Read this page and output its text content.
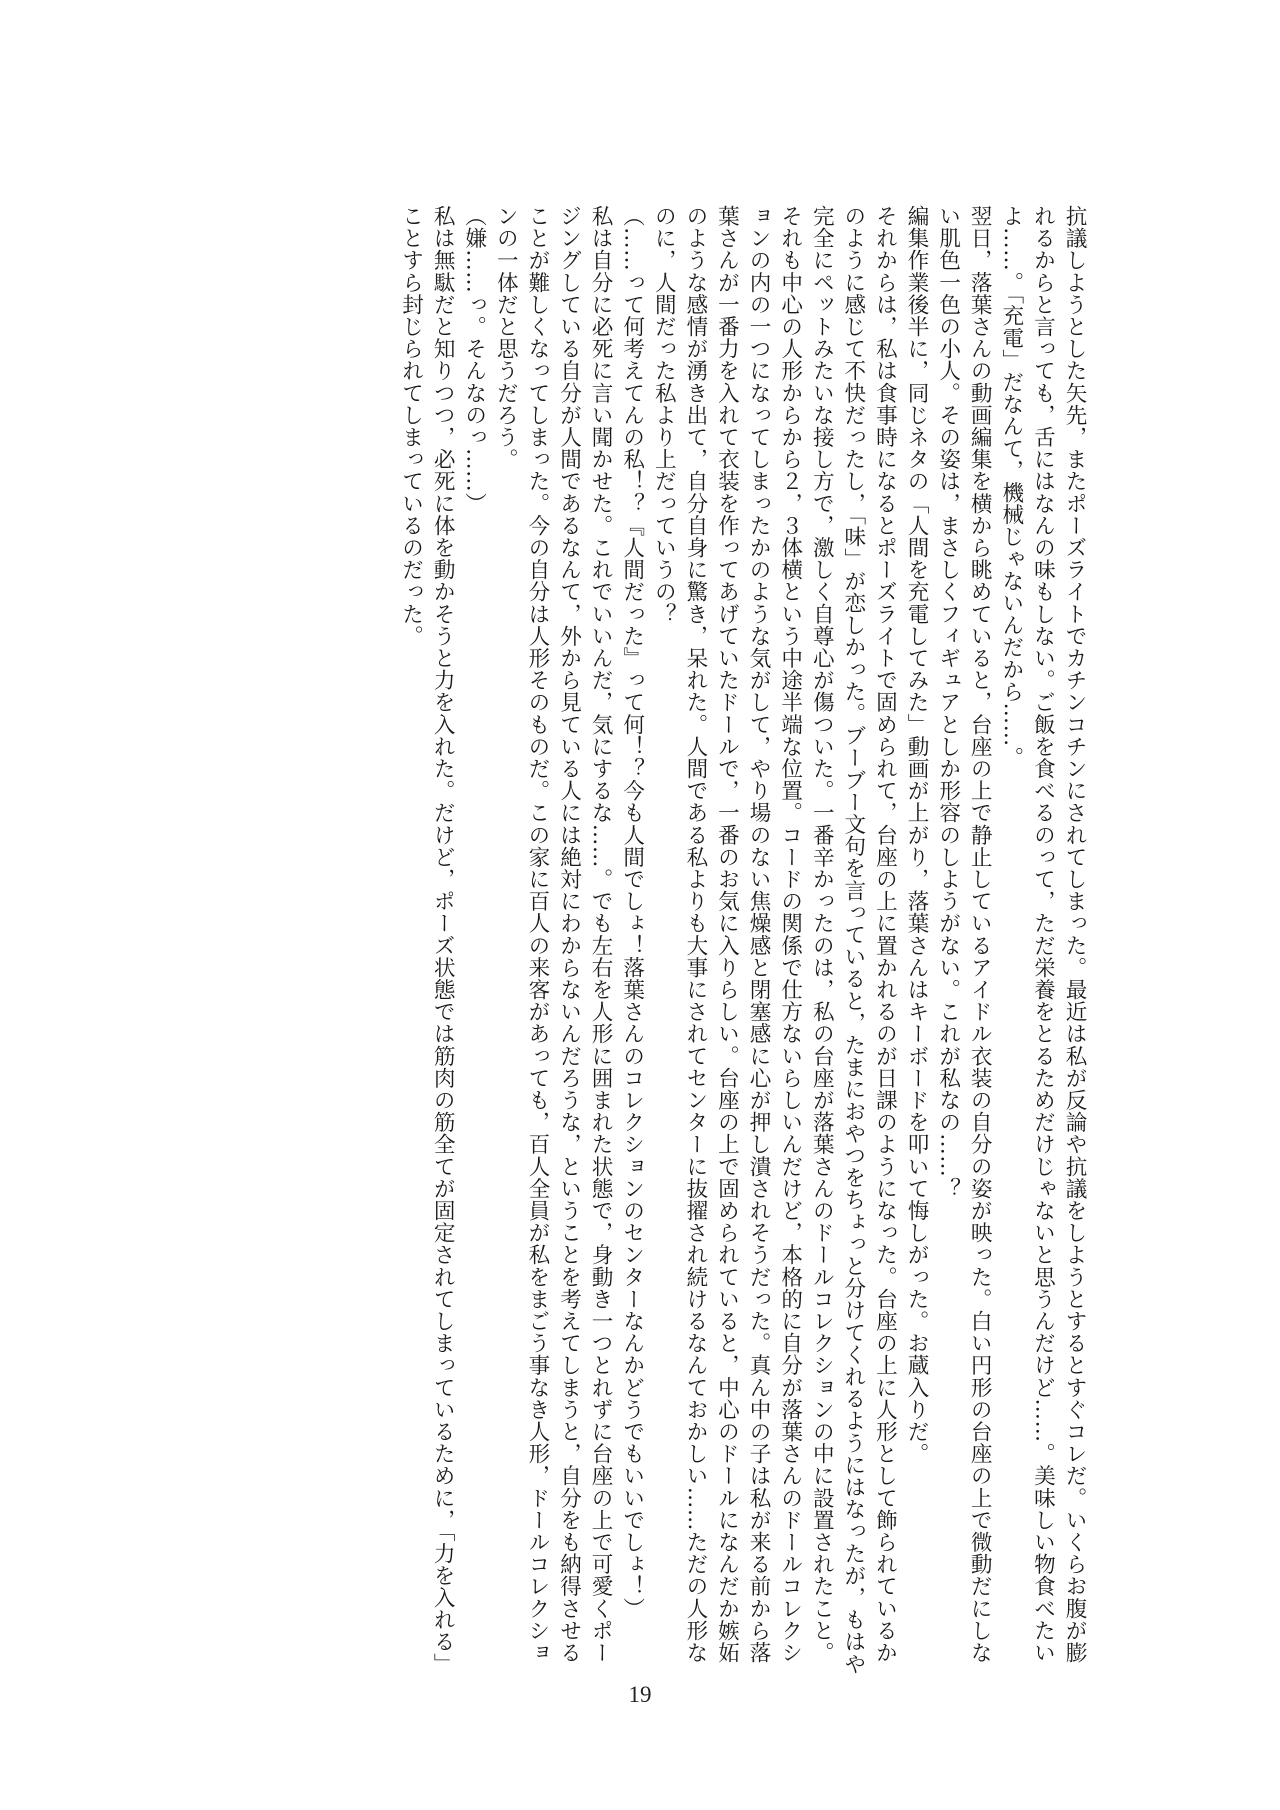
抗議しようとした矢先，またポーズライトでカチンコチンにされてしまった。最近は私が反論や抗議をしようとするとすぐコレだ。いくらお腹が膨れるからと言っても，舌にはなんの味もしない。ご飯を食べるのって，ただ栄養をとるためだけじゃないと思うんだけど……。美味しい物食べたいよ……。「充電」だなんて，機械じゃないんだから……。

翌日，落葉さんの動画編集を横から眺めていると，台座の上で静止しているアイドル衣装の自分の姿が映った。白い円形の台座の上で微動だにしない肌色一色の小人。その姿は，まさしくフィギュアとしか形容のしようがない。これが私なの……？

編集作業後半に，同じネタの「人間を充電してみた」動画が上がり，落葉さんはキーボードを叩いて悔しがった。お蔵入りだ。

それからは，私は食事時になるとポーズライトで固められて，台座の上に置かれるのが日課のようになった。台座の上に人形として飾られているかのように感じて不快だったし，「味」が恋しかった。ブーブー文句を言っていると，たまにおやつをちょっと分けてくれるようにはなったが，もはや完全にペットみたいな接し方で，激しく自尊心が傷ついた。一番辛かったのは，私の台座が落葉さんのドールコレクションの中に設置されたこと。それも中心の人形からから２，３体横という中途半端な位置。コードの関係で仕方ないらしいんだけど，本格的に自分が落葉さんのドールコレクションの内の一つになってしまったかのような気がして，やり場のない焦燥感と閉塞感に心が押し潰されそうだった。真ん中の子は私が来る前から落葉さんが一番力を入れて衣装を作ってあげていたドールで，一番のお気に入りらしい。台座の上で固められていると，中心のドールになんだか嫉妬のような感情が湧き出て，自分自身に驚き，呆れた。人間である私よりも大事にされてセンターに抜擢され続けるなんておかしい……ただの人形なのに，人間だった私より上だっていうの？

（……って何考えてんの私！？『人間だった』って何！？今も人間でしょ！落葉さんのコレクションのセンターなんかどうでもいいでしょ！）

私は自分に必死に言い聞かせた。これでいいんだ，気にするな……。でも左右を人形に囲まれた状態で，身動き一つとれずに台座の上で可愛くポージングしている自分が人間であるなんて，外から見ている人には絶対にわからないんだろうな，ということを考えてしまうと，自分をも納得させることが難しくなってしまった。今の自分は人形そのものだ。この家に百人の来客があっても，百人全員が私をまごう事なき人形，ドールコレクションの一体だと思うだろう。

（嫌……っ。そんなのっ……）

私は無駄だと知りつつ，必死に体を動かそうと力を入れた。だけど，ポーズ状態では筋肉の筋全てが固定されてしまっているために，「力を入れる」ことすら封じられてしまっているのだった。

19
